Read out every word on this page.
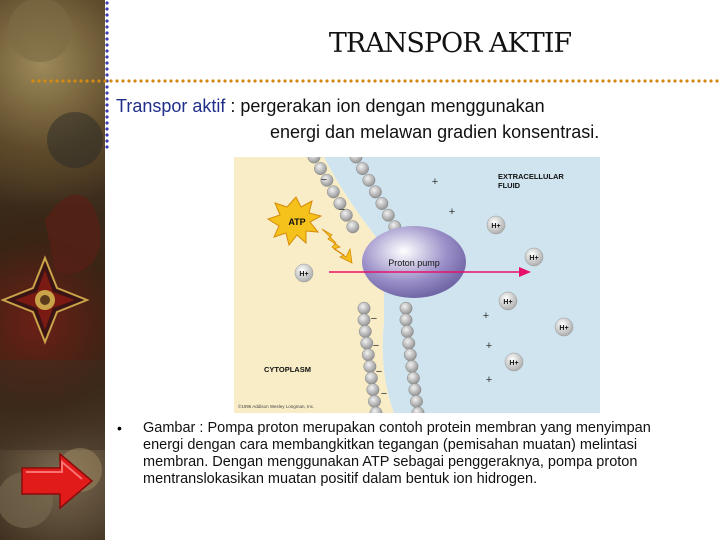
TRANSPOR AKTIF
Transpor aktif : pergerakan ion dengan menggunakan
energi dan melawan gradien konsentrasi.
Proton pump
ATP
H+
H+
H+
H+
H+
H+
−
−
−
−
−
−
+
+
+
+
+
EXTRACELLULAR
FLUID
CYTOPLASM
©1996 Addison Wesley Longman, Inc.
• Gambar : Pompa proton merupakan contoh protein membran yang menyimpan energi dengan cara membangkitkan tegangan (pemisahan muatan) melintasi membran. Dengan menggunakan ATP sebagai penggeraknya, pompa proton mentranslokasikan muatan positif dalam bentuk ion hidrogen.
